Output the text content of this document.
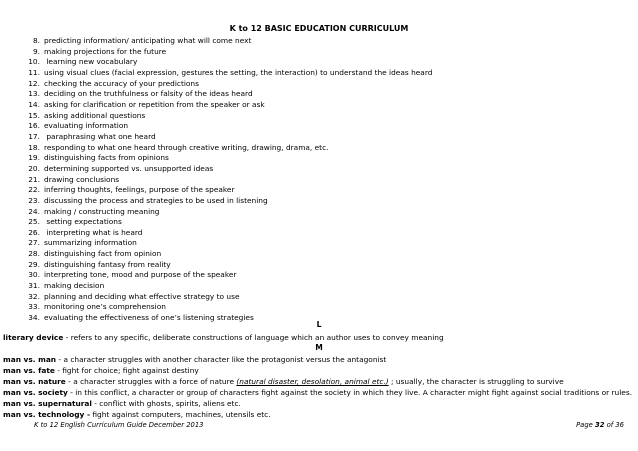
K to 12 BASIC EDUCATION CURRICULUM
8. predicting information/ anticipating what will come next
9. making projections for the future
10. learning new vocabulary
11. using visual clues (facial expression, gestures the setting, the interaction) to understand the ideas heard
12. checking the accuracy of your predictions
13. deciding on the truthfulness or falsity of the ideas heard
14. asking for clarification or repetition from the speaker or ask
15. asking additional questions
16. evaluating information
17. paraphrasing what one heard
18. responding to what one heard through creative writing, drawing, drama, etc.
19. distinguishing facts from opinions
20. determining supported vs. unsupported ideas
21. drawing conclusions
22. inferring thoughts, feelings, purpose of the speaker
23. discussing the process and strategies to be used in listening
24. making / constructing meaning
25. setting expectations
26. interpreting what is heard
27. summarizing information
28. distinguishing fact from opinion
29. distinguishing fantasy from reality
30. interpreting tone, mood and purpose of the speaker
31. making decision
32. planning and deciding what effective strategy to use
33. monitoring one’s comprehension
34. evaluating the effectiveness of one’s listening strategies
L
literary device - refers to any specific, deliberate constructions of language which an author uses to convey meaning
M
man vs. man - a character struggles with another character like the protagonist versus the antagonist
man vs. fate - fight for choice; fight against destiny
man vs. nature - a character struggles with a force of nature (natural disaster, desolation, animal etc.) ; usually, the character is struggling to survive
man vs. society - in this conflict, a character or group of characters fight against the society in which they live. A character might fight against social traditions or rules.
man vs. supernatural - conflict with ghosts, spirits, aliens etc.
man vs. technology - fight against computers, machines, utensils etc.
K to 12 English Curriculum Guide December 2013	Page 32 of 36
